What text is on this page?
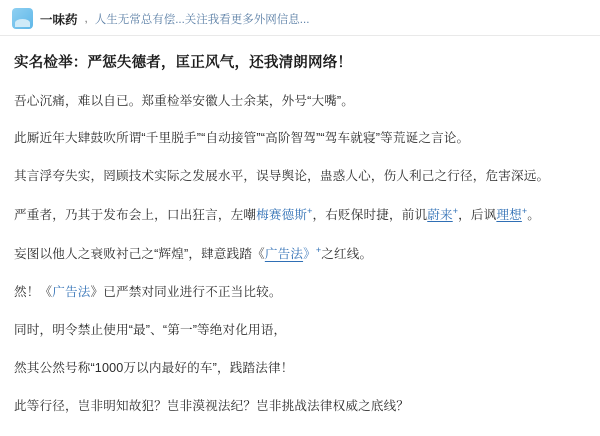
一味药 , 人生无常总有偿...关注我看更多外网信息...
实名检举：严惩失德者，匡正风气，还我清朗网络！

吾心沉痛，难以自已。郑重检举安徽人士余某，外号“大嘴”。

此厮近年大肆鼓吹所谓“千里脱手”“自动接管”“高阶智驾”“驾车就寝”等荒诞之言论。

其言浮夸失实，罔顾技术实际之发展水平，误导舆论，蛊惑人心，伤人利己之行径，危害深远。

严重者，乃其于发布会上，口出狂言，左嘲梅赛德斯+，右贬保时捷，前讥蔚来+，后讽理想+。

妄图以他人之衰败衬己之“辉煌”，肆意践踏《广告法》+之红线。

然！《广告法》已严禁对同业进行不正当比较。

同时，明令禁止使用“最”、“第一”等绝对化用语，

然其公然号称“1000万以内最好的车”，践踏法律！

此等行径，岂非明知故犯？岂非漠视法纪？岂非挑战法律权威之底线？
